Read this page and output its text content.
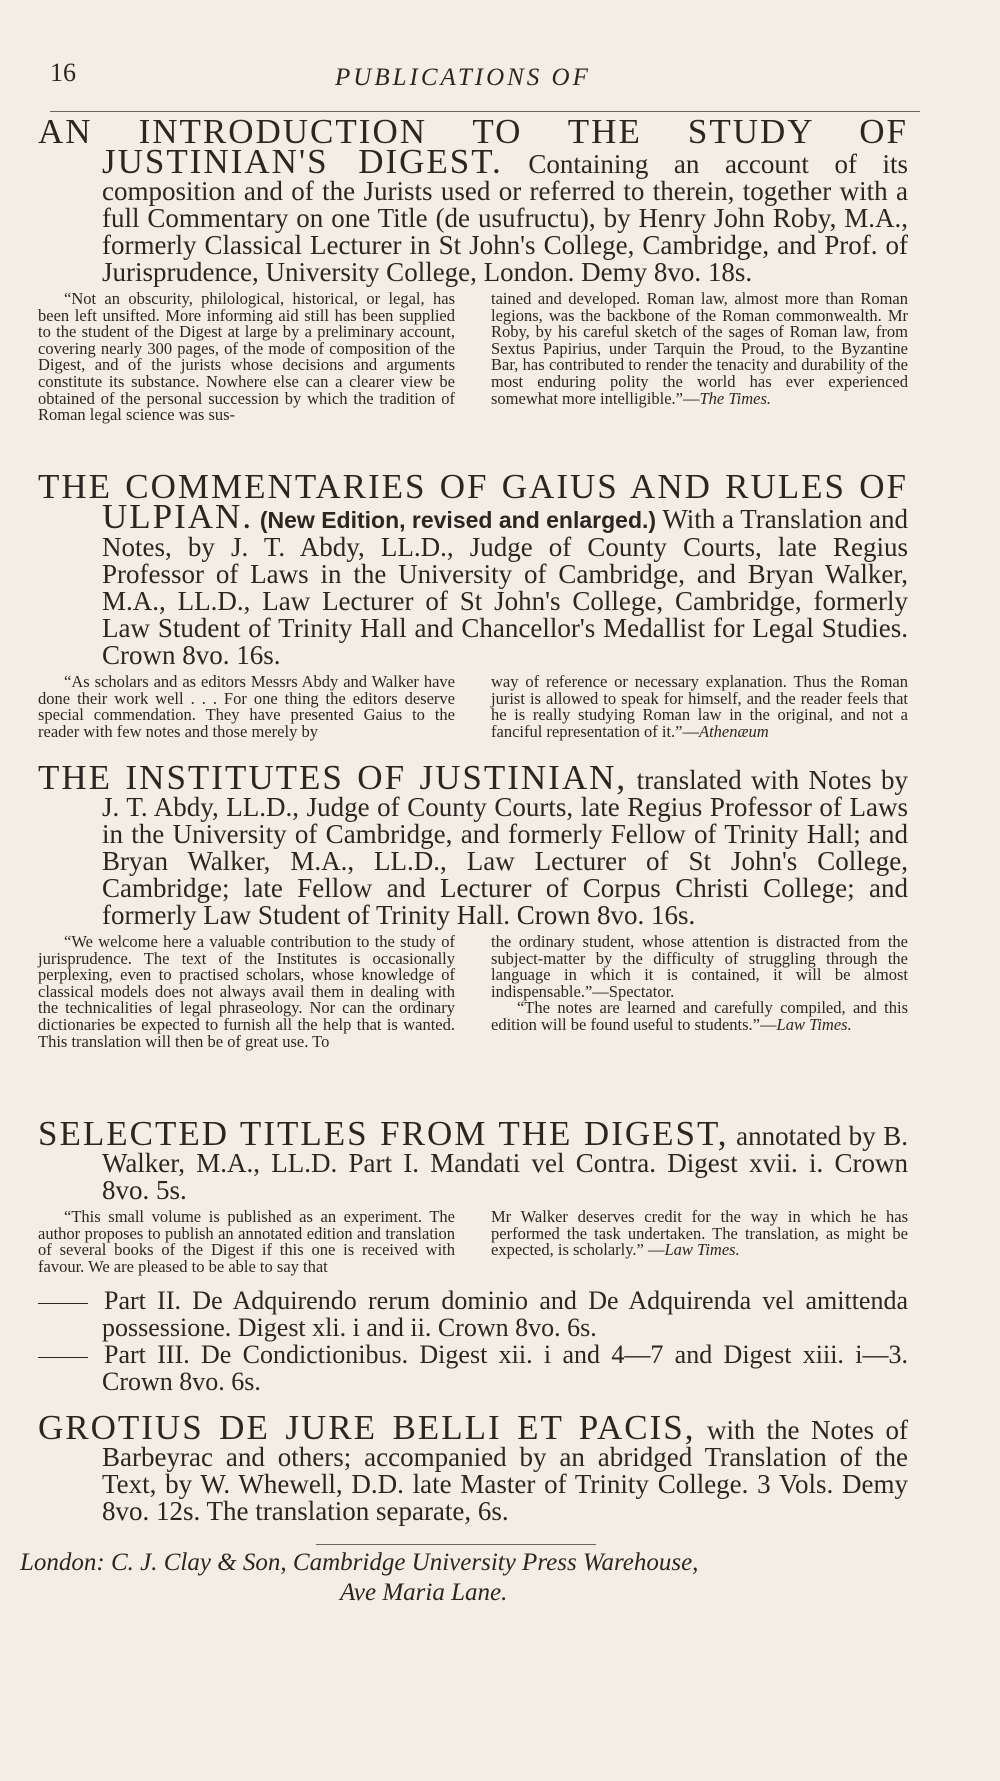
16	PUBLICATIONS OF

AN INTRODUCTION TO THE STUDY OF JUSTINIAN'S DIGEST. Containing an account of its composition and of the Jurists used or referred to therein, together with a full Commentary on one Title (de usufructu), by Henry John Roby, M.A., formerly Classical Lecturer in St John's College, Cambridge, and Prof. of Jurisprudence, University College, London. Demy 8vo. 18s.

“Not an obscurity, philological, historical, or legal, has been left unsifted. More informing aid still has been supplied to the student of the Digest at large by a preliminary account, covering nearly 300 pages, of the mode of composition of the Digest, and of the jurists whose decisions and arguments constitute its substance. Nowhere else can a clearer view be obtained of the personal succession by which the tradition of Roman legal science was sus-

tained and developed. Roman law, almost more than Roman legions, was the backbone of the Roman commonwealth. Mr Roby, by his careful sketch of the sages of Roman law, from Sextus Papirius, under Tarquin the Proud, to the Byzantine Bar, has contributed to render the tenacity and durability of the most enduring polity the world has ever experienced somewhat more intelligible.”—The Times.

THE COMMENTARIES OF GAIUS AND RULES OF ULPIAN. (New Edition, revised and enlarged.) With a Translation and Notes, by J. T. Abdy, LL.D., Judge of County Courts, late Regius Professor of Laws in the University of Cambridge, and Bryan Walker, M.A., LL.D., Law Lecturer of St John's College, Cambridge, formerly Law Student of Trinity Hall and Chancellor's Medallist for Legal Studies. Crown 8vo. 16s.

“As scholars and as editors Messrs Abdy and Walker have done their work well . . . For one thing the editors deserve special commendation. They have presented Gaius to the reader with few notes and those merely by

way of reference or necessary explanation. Thus the Roman jurist is allowed to speak for himself, and the reader feels that he is really studying Roman law in the original, and not a fanciful representation of it.”—Athenæum

THE INSTITUTES OF JUSTINIAN, translated with Notes by J. T. Abdy, LL.D., Judge of County Courts, late Regius Professor of Laws in the University of Cambridge, and formerly Fellow of Trinity Hall; and Bryan Walker, M.A., LL.D., Law Lecturer of St John's College, Cambridge; late Fellow and Lecturer of Corpus Christi College; and formerly Law Student of Trinity Hall. Crown 8vo. 16s.

“We welcome here a valuable contribution to the study of jurisprudence. The text of the Institutes is occasionally perplexing, even to practised scholars, whose knowledge of classical models does not always avail them in dealing with the technicalities of legal phraseology. Nor can the ordinary dictionaries be expected to furnish all the help that is wanted. This translation will then be of great use. To

the ordinary student, whose attention is distracted from the subject-matter by the difficulty of struggling through the language in which it is contained, it will be almost indispensable.”—Spectator.
“The notes are learned and carefully compiled, and this edition will be found useful to students.”—Law Times.

SELECTED TITLES FROM THE DIGEST, annotated by B. Walker, M.A., LL.D. Part I. Mandati vel Contra. Digest xvii. i. Crown 8vo. 5s.

“This small volume is published as an experiment. The author proposes to publish an annotated edition and translation of several books of the Digest if this one is received with favour. We are pleased to be able to say that

Mr Walker deserves credit for the way in which he has performed the task undertaken. The translation, as might be expected, is scholarly.” —Law Times.

Part II. De Adquirendo rerum dominio and De Adquirenda vel amittenda possessione. Digest xli. i and ii. Crown 8vo. 6s.

Part III. De Condictionibus. Digest xii. i and 4—7 and Digest xiii. i—3. Crown 8vo. 6s.

GROTIUS DE JURE BELLI ET PACIS, with the Notes of Barbeyrac and others; accompanied by an abridged Translation of the Text, by W. Whewell, D.D. late Master of Trinity College. 3 Vols. Demy 8vo. 12s. The translation separate, 6s.

London: C. J. Clay & Son, Cambridge University Press Warehouse,
Ave Maria Lane.
